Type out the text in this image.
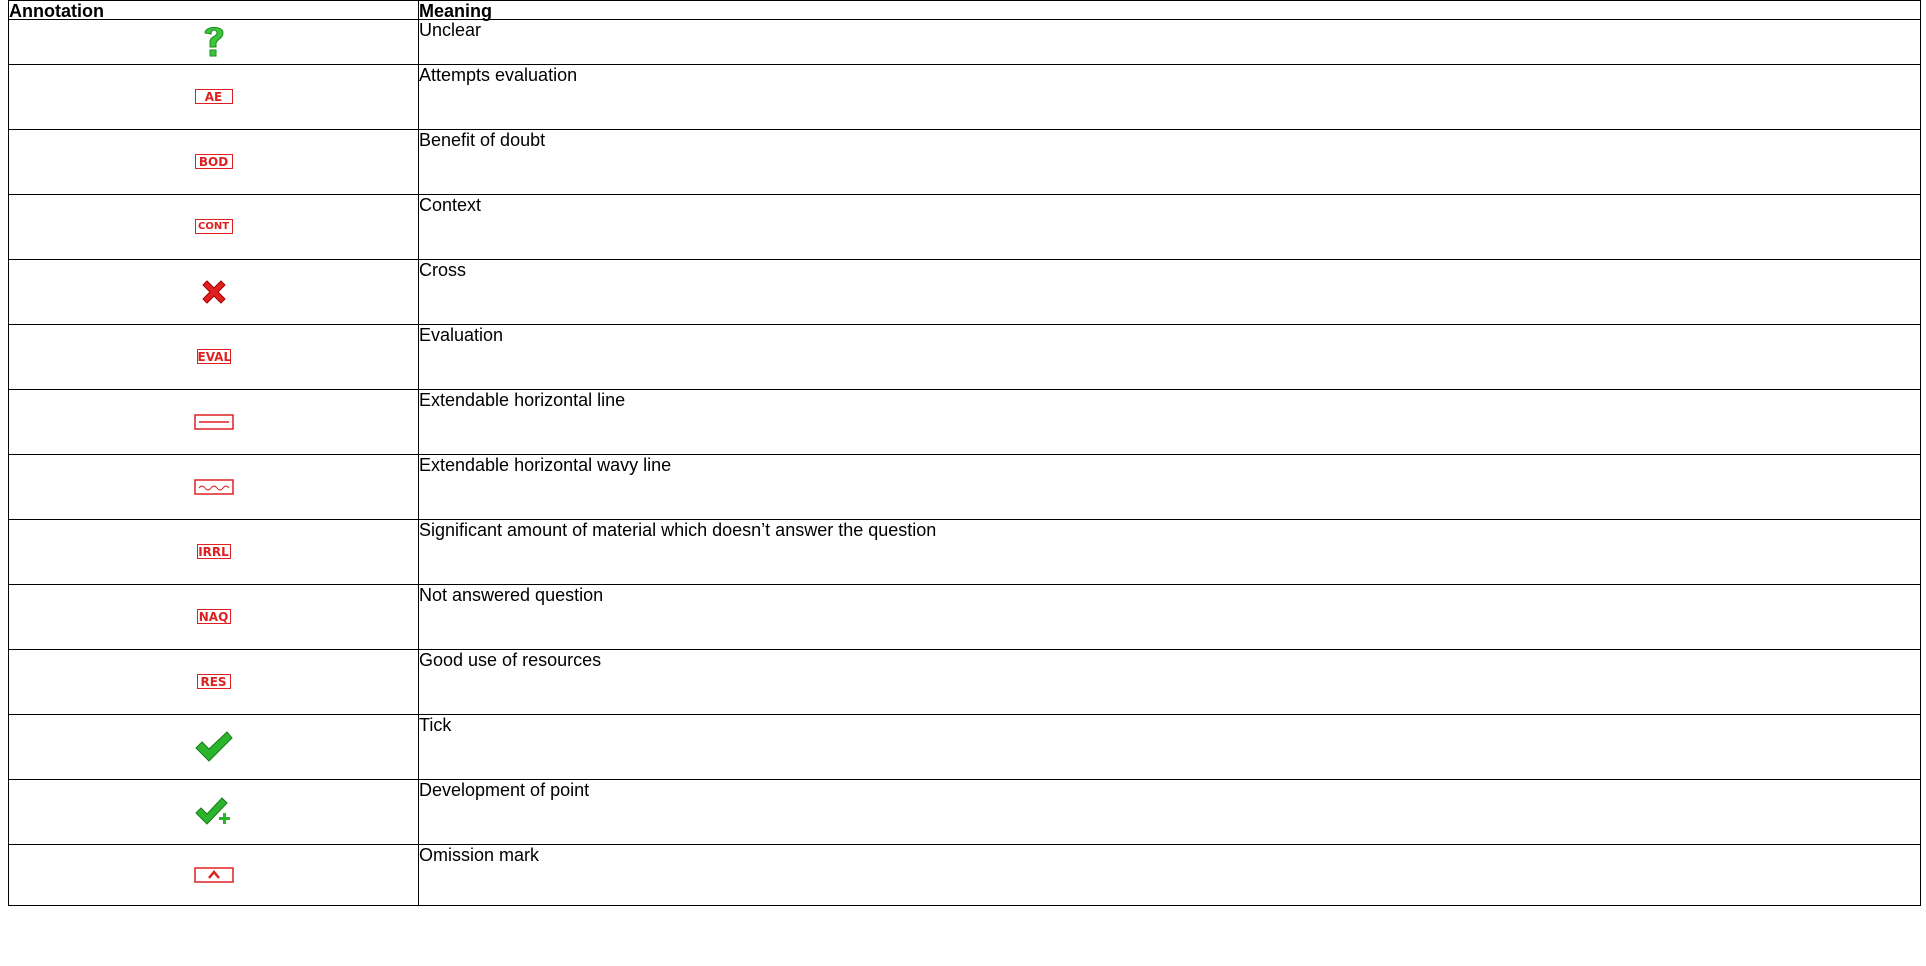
Annotation	Meaning

	Unclear
AE	Attempts evaluation
BOD	Benefit of doubt
CONT	Context

	Cross
EVAL	Evaluation

	Extendable horizontal line

	Extendable horizontal wavy line
IRRL	Significant amount of material which doesn’t answer the question
NAQ	Not answered question
RES	Good use of resources

	Tick

	Development of point

	Omission mark
